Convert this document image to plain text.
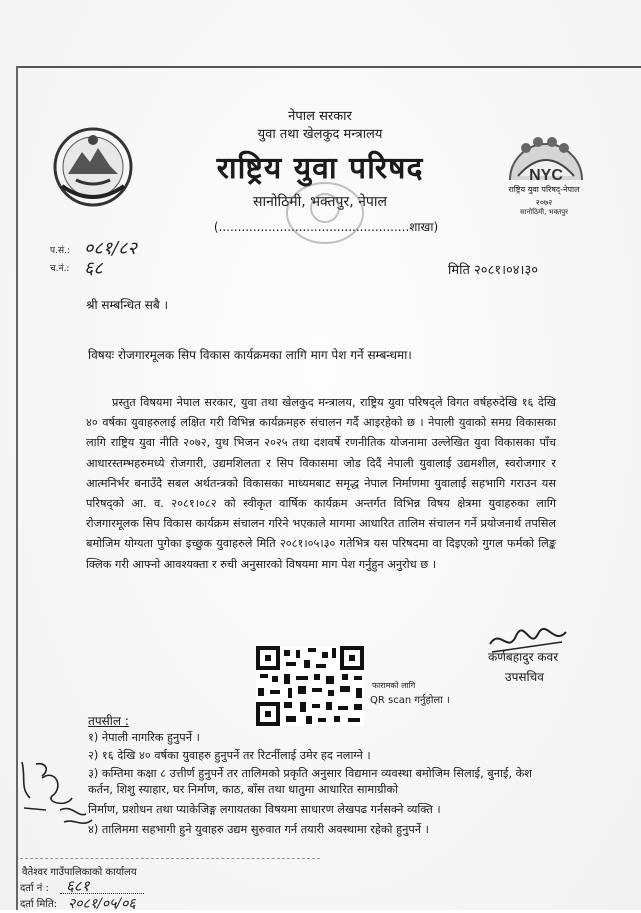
NYC
राष्ट्रिय युवा परिषद्-नेपाल
२०७२
सानोठिमी, भक्तपुर
नेपाल सरकार
युवा तथा खेलकुद मन्त्रालय
राष्ट्रिय युवा परिषद
सानोठिमी, भक्तपुर, नेपाल
(..................................................शाखा)
प.सं.:
च.नं.:
०८१/८२
६८	मिति २०८१।०४।३०
श्री सम्बन्धित सबै ।
विषयः रोजगारमूलक सिप विकास कार्यक्रमका लागि माग पेश गर्ने सम्बन्धमा।
प्रस्तुत विषयमा नेपाल सरकार, युवा तथा खेलकुद मन्त्रालय, राष्ट्रिय युवा परिषद्ले विगत वर्षहरुदेखि १६ देखि ४० वर्षका युवाहरुलाई लक्षित गरी विभिन्न कार्यक्रमहरु संचालन गर्दै आइरहेको छ । नेपाली युवाको समग्र विकासका लागि राष्ट्रिय युवा नीति २०७२, युथ भिजन २०२५ तथा दशवर्षे रणनीतिक योजनामा उल्लेखित युवा विकासका पाँच आधारस्तम्भहरुमध्ये रोजगारी, उद्यमशिलता र सिप विकासमा जोड दिदैं नेपाली युवालाई उद्यमशील, स्वरोजगार र आत्मनिर्भर बनाउँदै सबल अर्थतन्त्रको विकासका माध्यमबाट समृद्ध नेपाल निर्माणमा युवालाई सहभागि गराउन यस परिषद्को आ. व. २०८१।०८२ को स्वीकृत वार्षिक कार्यक्रम अन्तर्गत विभिन्न विषय क्षेत्रमा युवाहरुका लागि रोजगारमूलक सिप विकास कार्यक्रम संचालन गरिने भएकाले मागमा आधारित तालिम संचालन गर्ने प्रयोजनार्थ तपसिल बमोजिम योग्यता पुगेका इच्छुक युवाहरुले मिति २०८१।०५।३० गतेभित्र यस परिषदमा वा दिइएको गुगल फर्मको लिङ्क क्लिक गरी आफ्नो आवश्यक्ता र रुची अनुसारको विषयमा माग पेश गर्नुहुन अनुरोध छ ।
कर्णबहादुर कवर
उपसचिव
फारामको लागि
QR scan गर्नुहोला ।
तपसील :
१) नेपाली नागरिक हुनुपर्ने ।
२) १६ देखि ४० वर्षका युवाहरु हुनुपर्ने तर रिटर्नीलाई उमेर हद नलाग्ने ।
३) कम्तिमा कक्षा ८ उत्तीर्ण हुनुपर्ने तर तालिमको प्रकृति अनुसार विद्यमान व्यवस्था बमोजिम सिलाई, बुनाई, केश कर्तन, शिशु स्याहार, घर निर्माण, काठ, बाँस तथा धातुमा आधारित सामाग्रीको
निर्माण, प्रशोधन तथा प्याकेजिङ्ग लगायतका विषयमा साधारण लेखपढ गर्नसक्ने व्यक्ति ।
४) तालिममा सहभागी हुने युवाहरु उद्यम सुरुवात गर्न तयारी अवस्थामा रहेको हुनुपर्ने ।
वैतेश्वर गाउँपालिकाको कार्यालय
दर्ता नं : ६८१
दर्ता मिति: २०८१/०५/०६
